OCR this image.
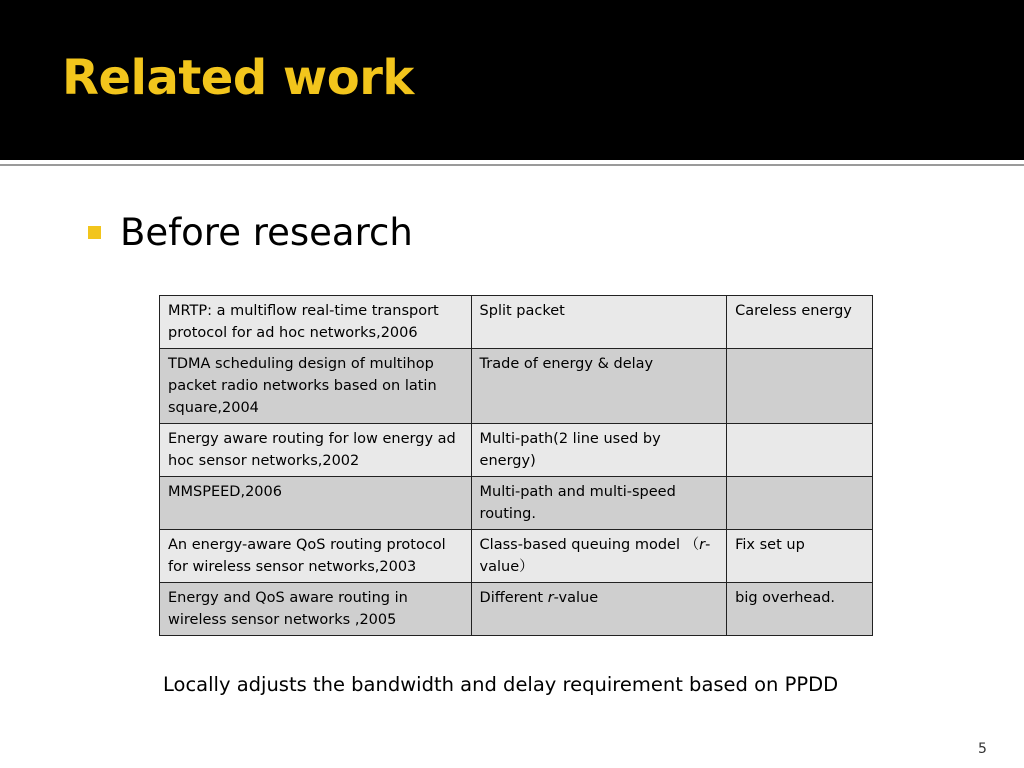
Related work
Before research
MRTP: a multiflow real-time transport protocol for ad hoc networks,2006	Split packet	Careless energy
TDMA scheduling design of multihop packet radio networks based on latin square,2004	Trade of energy & delay	
Energy aware routing for low energy ad hoc sensor networks,2002	Multi-path(2 line used by energy)	
MMSPEED,2006	Multi-path and multi-speed routing.	
An energy-aware QoS routing protocol for wireless sensor networks,2003	Class-based queuing model （r-value）	Fix set up
Energy and QoS aware routing in wireless sensor networks ,2005	Different r-value	big overhead.
Locally adjusts the bandwidth and delay requirement based on PPDD
5
